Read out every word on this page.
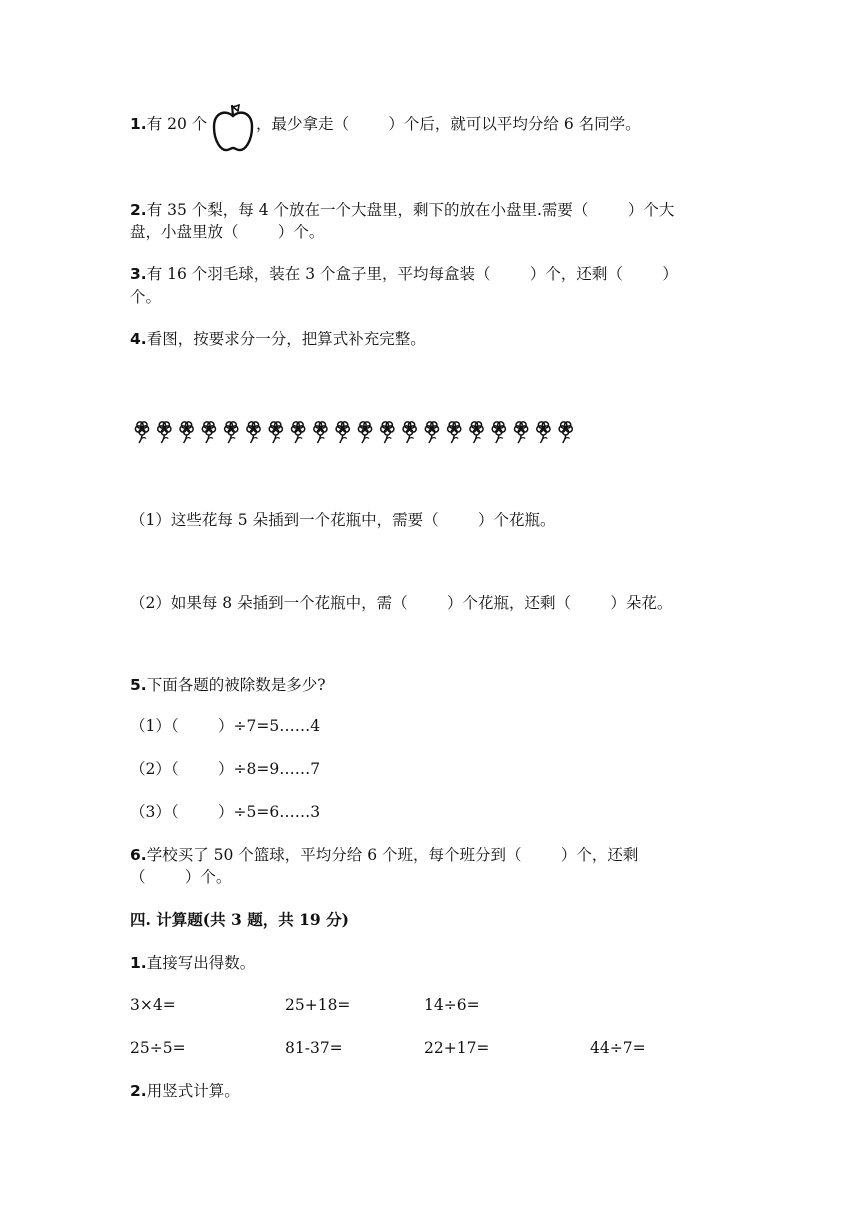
1.有 20 个	，最少拿走（        ）个后，就可以平均分给 6 名同学。
2.有 35 个梨，每 4 个放在一个大盘里，剩下的放在小盘里.需要（        ）个大
盘，小盘里放（        ）个。
3.有 16 个羽毛球，装在 3 个盒子里，平均每盒装（        ）个，还剩（        ）
个。
4.看图，按要求分一分，把算式补充完整。
（1）这些花每 5 朵插到一个花瓶中，需要（        ）个花瓶。
（2）如果每 8 朵插到一个花瓶中，需（        ）个花瓶，还剩（        ）朵花。
5.下面各题的被除数是多少?
（1）（        ）÷7=5……4
（2）（        ）÷8=9……7
（3）（        ）÷5=6……3
6.学校买了 50 个篮球，平均分给 6 个班，每个班分到（        ）个，还剩
（        ）个。
四. 计算题(共 3 题，共 19 分)
1.直接写出得数。
3×4=	25+18=	14÷6=
25÷5=	81-37=	22+17=	44÷7=
2.用竖式计算。
